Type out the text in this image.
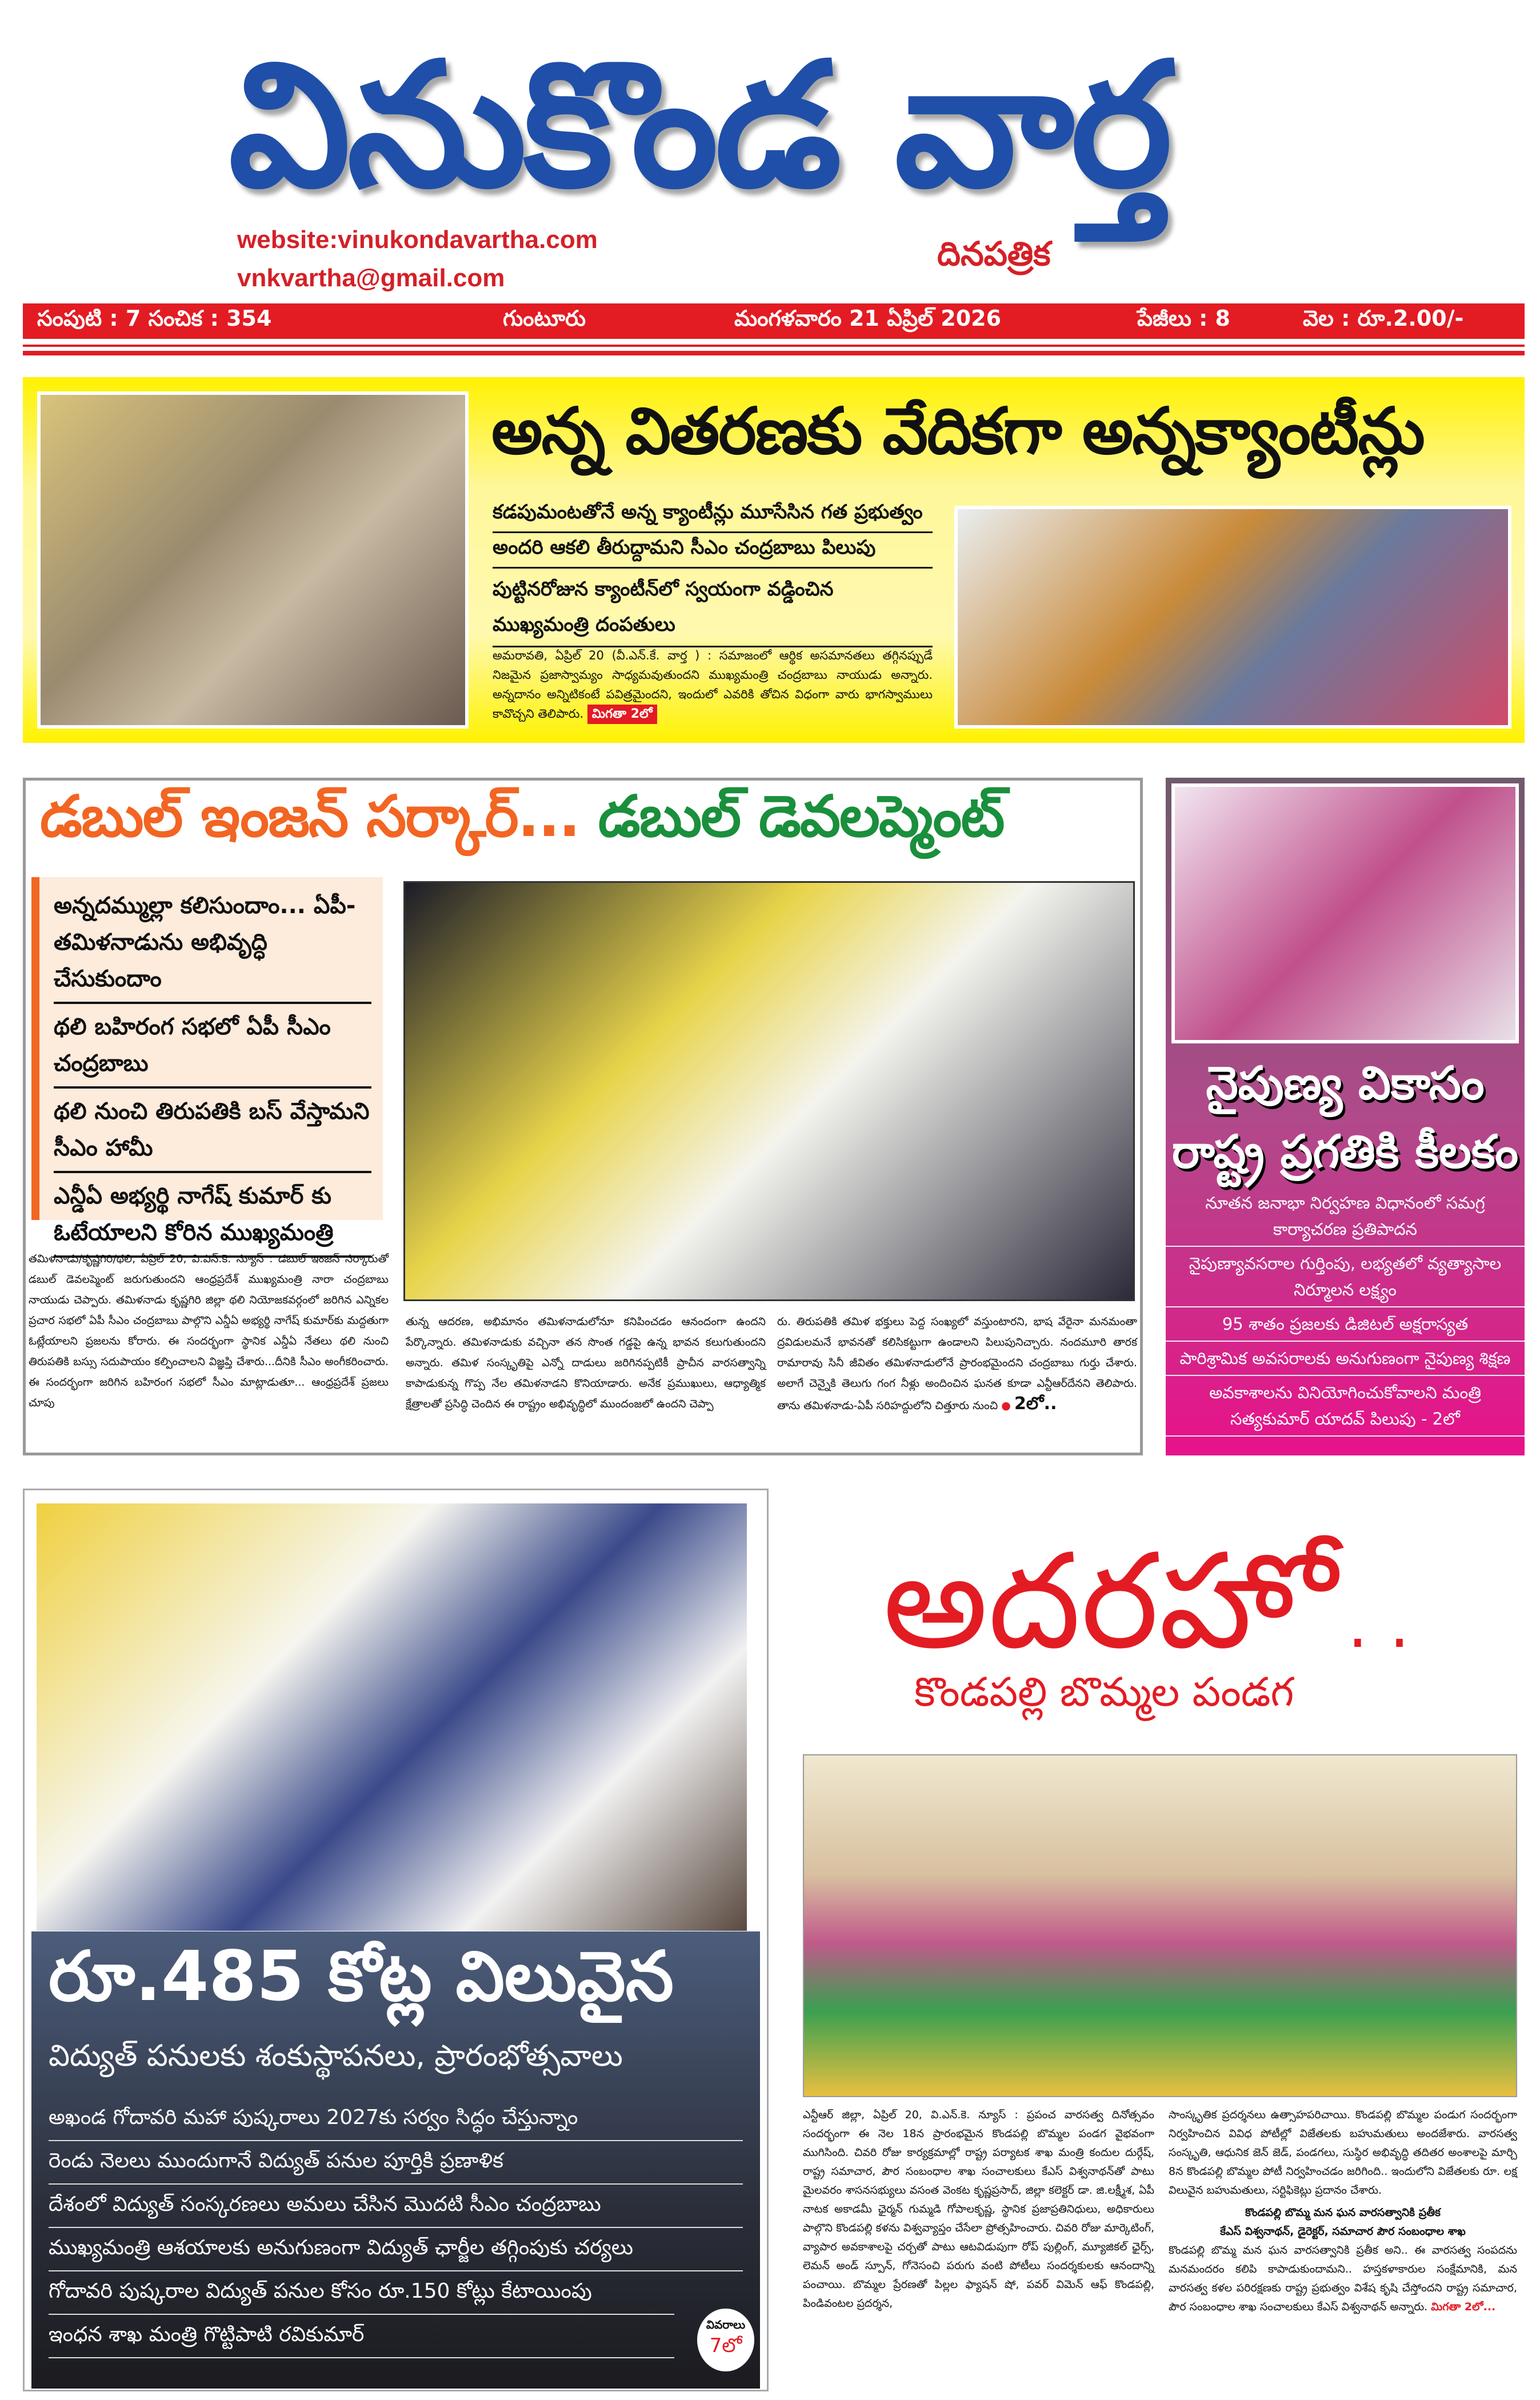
వినుకొండ వార్త
website:vinukondavartha.com
vnkvartha@gmail.com
దినపత్రిక
సంపుటి : 7 సంచిక : 354	గుంటూరు	మంగళవారం 21 ఏప్రిల్ 2026	పేజీలు : 8	వెల : రూ.2.00/-
అన్న వితరణకు వేదికగా అన్నక్యాంటీన్లు
కడపుమంటతోనే అన్న క్యాంటీన్లు మూసేసిన గత ప్రభుత్వం
అందరి ఆకలి తీరుద్దామని సీఎం చంద్రబాబు పిలుపు
పుట్టినరోజున క్యాంటీన్‌లో స్వయంగా వడ్డించిన ముఖ్యమంత్రి దంపతులు
అమరావతి, ఏప్రిల్ 20 (వీ.ఎన్.కే. వార్త ) : సమాజంలో ఆర్థిక అసమానతలు తగ్గినప్పుడే నిజమైన ప్రజాస్వామ్యం సాధ్యమవుతుందని ముఖ్యమంత్రి చంద్రబాబు నాయుడు అన్నారు. అన్నదానం అన్నిటికంటే పవిత్రమైందని, ఇందులో ఎవరికి తోచిన విధంగా వారు భాగస్వాములు కావొచ్చని తెలిపారు. మిగతా 2లో
డబుల్ ఇంజన్ సర్కార్... డబుల్ డెవలప్మెంట్
అన్నదమ్ముల్లా కలిసుందాం... ఏపీ-తమిళనాడును అభివృద్ధి చేసుకుందాం
థలి బహిరంగ సభలో ఏపీ సీఎం చంద్రబాబు
థలి నుంచి తిరుపతికి బస్ వేస్తామని సీఎం హామీ
ఎన్డీఏ అభ్యర్థి నాగేష్ కుమార్ కు ఓటేయాలని కోరిన ముఖ్యమంత్రి
తమిళనాడు/కృష్ణగిరి/థలి, ఏప్రిల్ 20, వి.ఎన్.కె. న్యూస్ : డబుల్ ఇంజన్ సర్కారుతో డబుల్ డెవలప్మెంట్ జరుగుతుందని ఆంధ్రప్రదేశ్ ముఖ్యమంత్రి నారా చంద్రబాబు నాయుడు చెప్పారు. తమిళనాడు కృష్ణగిరి జిల్లా థలి నియోజకవర్గంలో జరిగిన ఎన్నికల ప్రచార సభలో ఏపీ సీఎం చంద్రబాబు పాల్గొని ఎన్డీఏ అభ్యర్థి నాగేష్ కుమార్‌కు మద్దతుగా ఓట్లేయాలని ప్రజలను కోరారు. ఈ సందర్భంగా స్థానిక ఎన్డీఏ నేతలు థలి నుంచి తిరుపతికి బస్సు సదుపాయం కల్పించాలని విజ్ఞప్తి చేశారు...దీనికి సీఎం అంగీకరించారు. ఈ సందర్భంగా జరిగిన బహిరంగ సభలో సీఎం మాట్లాడుతూ... ఆంధ్రప్రదేశ్ ప్రజలు చూపు
తున్న ఆదరణ, అభిమానం తమిళనాడులోనూ కనిపించడం ఆనందంగా ఉందని పేర్కొన్నారు. తమిళనాడుకు వచ్చినా తన సొంత గడ్డపై ఉన్న భావన కలుగుతుందని అన్నారు. తమిళ సంస్కృతిపై ఎన్నో దాడులు జరిగినప్పటికీ ప్రాచీన వారసత్వాన్ని కాపాడుకున్న గొప్ప నేల తమిళనాడని కొనియాడారు. అనేక ప్రముఖులు, ఆధ్యాత్మిక క్షేత్రాలతో ప్రసిద్ధి చెందిన ఈ రాష్ట్రం అభివృద్ధిలో ముందంజలో ఉందని చెప్పా
రు. తిరుపతికి తమిళ భక్తులు పెద్ద సంఖ్యలో వస్తుంటారని, భాష వేరైనా మనమంతా ద్రవిడులమనే భావనతో కలిసికట్టుగా ఉండాలని పిలుపునిచ్చారు. నందమూరి తారక రామారావు సినీ జీవితం తమిళనాడులోనే ప్రారంభమైందని చంద్రబాబు గుర్తు చేశారు. అలాగే చెన్నైకి తెలుగు గంగ నీళ్లు అందించిన ఘనత కూడా ఎన్టీఆర్‌దేనని తెలిపారు. తాను తమిళనాడు-ఏపీ సరిహద్దులోని చిత్తూరు నుంచి ● 2లో..
నైపుణ్య వికాసం
రాష్ట్ర ప్రగతికి కీలకం
నూతన జనాభా నిర్వహణ విధానంలో సమగ్ర కార్యాచరణ ప్రతిపాదన
నైపుణ్యావసరాల గుర్తింపు, లభ్యతలో వ్యత్యాసాల నిర్మూలన లక్ష్యం
95 శాతం ప్రజలకు డిజిటల్ అక్షరాస్యత
పారిశ్రామిక అవసరాలకు అనుగుణంగా నైపుణ్య శిక్షణ
అవకాశాలను వినియోగించుకోవాలని మంత్రి సత్యకుమార్ యాదవ్ పిలుపు - 2లో
రూ.485 కోట్ల విలువైన
విద్యుత్ పనులకు శంకుస్థాపనలు, ప్రారంభోత్సవాలు
అఖండ గోదావరి మహా పుష్కరాలు 2027కు సర్వం సిద్ధం చేస్తున్నాం
రెండు నెలలు ముందుగానే విద్యుత్ పనుల పూర్తికి ప్రణాళిక
దేశంలో విద్యుత్ సంస్కరణలు అమలు చేసిన మొదటి సీఎం చంద్రబాబు
ముఖ్యమంత్రి ఆశయాలకు అనుగుణంగా విద్యుత్ ఛార్జీల తగ్గింపుకు చర్యలు
గోదావరి పుష్కరాల విద్యుత్ పనుల కోసం రూ.150 కోట్లు కేటాయింపు
ఇంధన శాఖ మంత్రి గొట్టిపాటి రవికుమార్	వివరాలు
7లో
అదరహో..
కొండపల్లి బొమ్మల పండగ
ఎన్టీఆర్ జిల్లా, ఏప్రిల్ 20, వి.ఎన్.కె. న్యూస్ : ప్రపంచ వారసత్వ దినోత్సవం సందర్భంగా ఈ నెల 18న ప్రారంభమైన కొండపల్లి బొమ్మల పండగ వైభవంగా ముగిసింది. చివరి రోజు కార్యక్రమాల్లో రాష్ట్ర పర్యాటక శాఖ మంత్రి కందుల దుర్గేష్, రాష్ట్ర సమాచార, పౌర సంబంధాల శాఖ సంచాలకులు కేఎస్ విశ్వనాథన్‌తో పాటు మైలవరం శాసనసభ్యులు వసంత వెంకట కృష్ణప్రసాద్, జిల్లా కలెక్టర్ డా. జి.లక్ష్మీశ, ఏపీ నాటక అకాడమీ ఛైర్మన్ గుమ్మడి గోపాలకృష్ణ, స్థానిక ప్రజాప్రతినిధులు, అధికారులు పాల్గొని కొండపల్లి కళను విశ్వవ్యాప్తం చేసేలా ప్రోత్సహించారు. చివరి రోజు మార్కెటింగ్, వ్యాపార అవకాశాలపై చర్చతో పాటు ఆటవిడుపుగా రోప్ పుల్లింగ్, మ్యూజికల్ ఛైర్స్, లెమన్ అండ్ స్పూన్, గోనెసంచి పరుగు వంటి పోటీలు సందర్శకులకు ఆనందాన్ని పంచాయి. బొమ్మల ప్రేరణతో పిల్లల ఫ్యాషన్ షో, పవర్ విమెన్ ఆఫ్ కొండపల్లి, పిండివంటల ప్రదర్శన,
సాంస్కృతిక ప్రదర్శనలు ఉత్సాహపరిచాయి. కొండపల్లి బొమ్మల పండుగ సందర్భంగా నిర్వహించిన వివిధ పోటీల్లో విజేతలకు బహుమతులు అందజేశారు. వారసత్వ సంస్కృతి, ఆధునిక జెన్ జెడ్, పండగలు, సుస్థిర అభివృద్ధి తదితర అంశాలపై మార్చి 8న కొండపల్లి బొమ్మల పోటీ నిర్వహించడం జరిగింది.. ఇందులోని విజేతలకు రూ. లక్ష విలువైన బహుమతులు, సర్టిఫికెట్లు ప్రదానం చేశారు.
కొండపల్లి బొమ్మ మన ఘన వారసత్వానికి ప్రతీక
కేఎస్ విశ్వనాథన్, డైరెక్టర్, సమాచార పౌర సంబంధాల శాఖ
కొండపల్లి బొమ్మ మన ఘన వారసత్వానికి ప్రతీక అని.. ఈ వారసత్వ సంపదను మనమందరం కలిపి కాపాడుకుందామని.. హస్తకళాకారుల సంక్షేమానికి, మన వారసత్వ కళల పరిరక్షణకు రాష్ట్ర ప్రభుత్వం విశేష కృషి చేస్తోందని రాష్ట్ర సమాచార, పౌర సంబంధాల శాఖ సంచాలకులు కేఎస్ విశ్వనాథన్ అన్నారు. మిగతా 2లో...
